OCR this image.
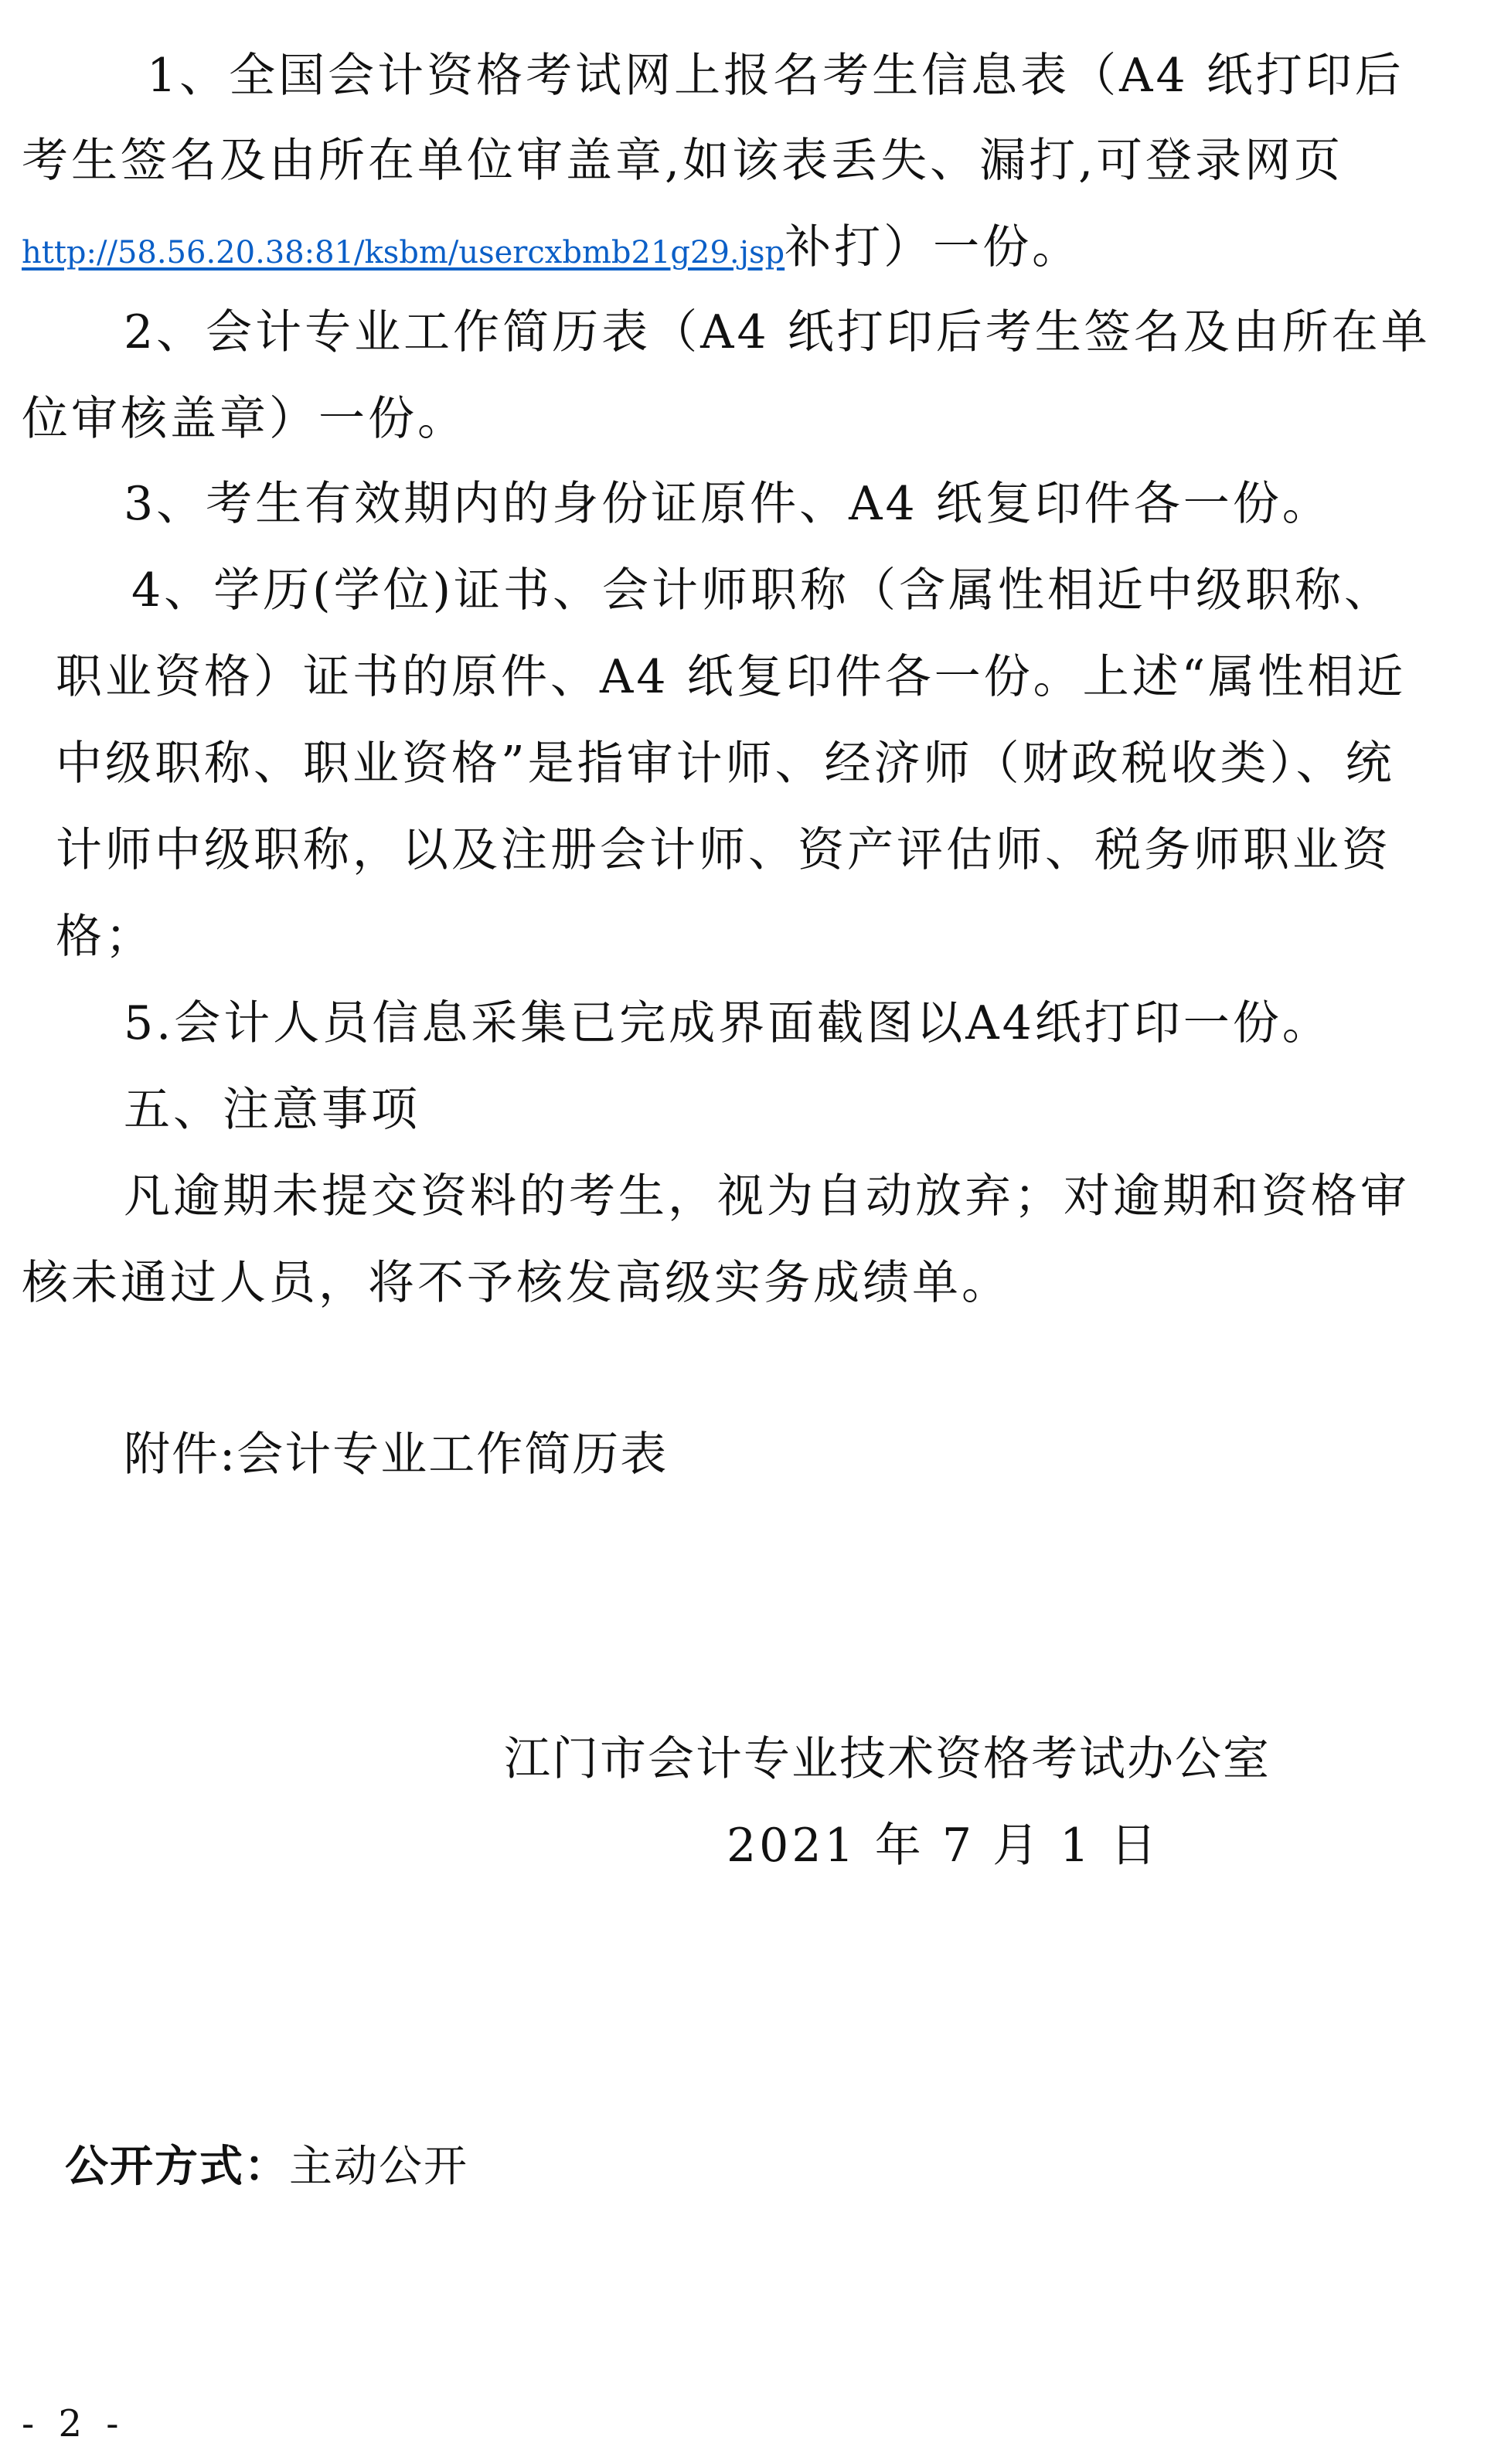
1、全国会计资格考试网上报名考生信息表（A4 纸打印后
考生签名及由所在单位审盖章,如该表丢失、漏打,可登录网页
http://58.56.20.38:81/ksbm/usercxbmb21g29.jsp补打）一份。
2、会计专业工作简历表（A4 纸打印后考生签名及由所在单
位审核盖章）一份。
3、考生有效期内的身份证原件、A4 纸复印件各一份。
4、学历(学位)证书、会计师职称（含属性相近中级职称、
职业资格）证书的原件、A4 纸复印件各一份。上述“属性相近
中级职称、职业资格”是指审计师、经济师（财政税收类）、统
计师中级职称，以及注册会计师、资产评估师、税务师职业资
格；
5.会计人员信息采集已完成界面截图以A4纸打印一份。
五、注意事项
凡逾期未提交资料的考生，视为自动放弃；对逾期和资格审
核未通过人员，将不予核发高级实务成绩单。
附件:会计专业工作简历表
江门市会计专业技术资格考试办公室
2021 年 7 月 1 日
公开方式：主动公开
- 2 -
